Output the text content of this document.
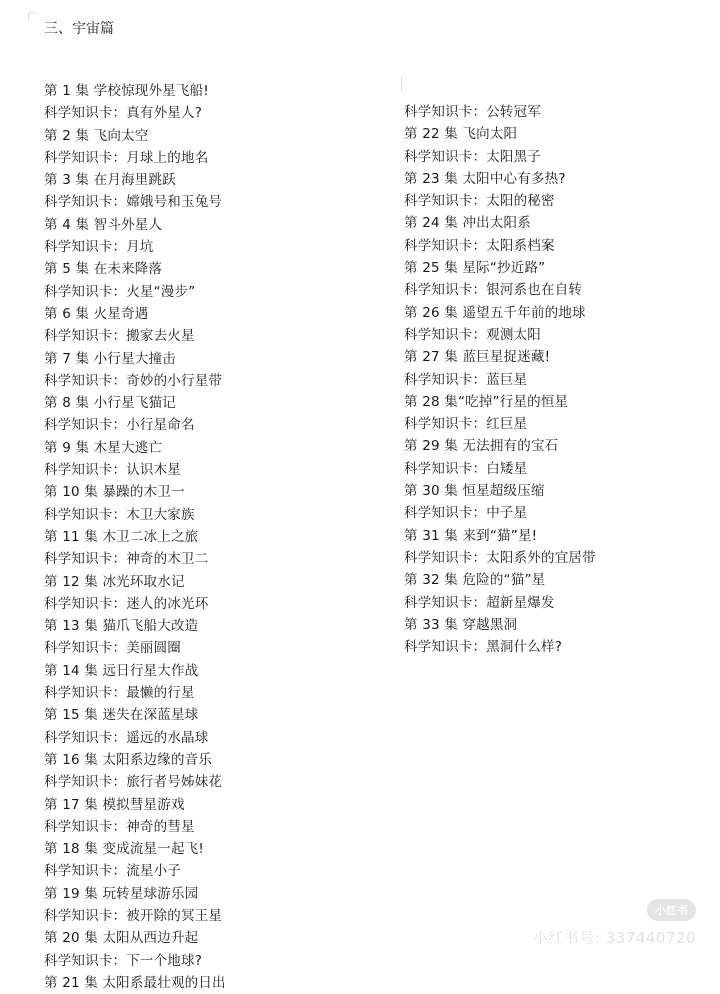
三、宇宙篇
第 1 集 学校惊现外星飞船!
科学知识卡：真有外星人?
第 2 集 飞向太空
科学知识卡：月球上的地名
第 3 集 在月海里跳跃
科学知识卡：嫦娥号和玉兔号
第 4 集 智斗外星人
科学知识卡：月坑
第 5 集 在未来降落
科学知识卡：火星“漫步”
第 6 集 火星奇遇
科学知识卡：搬家去火星
第 7 集 小行星大撞击
科学知识卡：奇妙的小行星带
第 8 集 小行星飞猫记
科学知识卡：小行星命名
第 9 集 木星大逃亡
科学知识卡：认识木星
第 10 集 暴躁的木卫一
科学知识卡：木卫大家族
第 11 集 木卫二冰上之旅
科学知识卡：神奇的木卫二
第 12 集 冰光环取水记
科学知识卡：迷人的冰光环
第 13 集 猫爪飞船大改造
科学知识卡：美丽圆圈
第 14 集 远日行星大作战
科学知识卡：最懒的行星
第 15 集 迷失在深蓝星球
科学知识卡：遥远的水晶球
第 16 集 太阳系边缘的音乐
科学知识卡：旅行者号姊妹花
第 17 集 模拟彗星游戏
科学知识卡：神奇的彗星
第 18 集 变成流星一起飞!
科学知识卡：流星小子
第 19 集 玩转星球游乐园
科学知识卡：被开除的冥王星
第 20 集 太阳从西边升起
科学知识卡：下一个地球?
第 21 集 太阳系最壮观的日出
科学知识卡：公转冠军
第 22 集 飞向太阳
科学知识卡：太阳黑子
第 23 集 太阳中心有多热?
科学知识卡：太阳的秘密
第 24 集 冲出太阳系
科学知识卡：太阳系档案
第 25 集 星际“抄近路”
科学知识卡：银河系也在自转
第 26 集 遥望五千年前的地球
科学知识卡：观测太阳
第 27 集 蓝巨星捉迷藏!
科学知识卡：蓝巨星
第 28 集“吃掉”行星的恒星
科学知识卡：红巨星
第 29 集 无法拥有的宝石
科学知识卡：白矮星
第 30 集 恒星超级压缩
科学知识卡：中子星
第 31 集 来到“猫”星!
科学知识卡：太阳系外的宜居带
第 32 集 危险的“猫”星
科学知识卡：超新星爆发
第 33 集 穿越黑洞
科学知识卡：黑洞什么样?
小红书
小红书号: 337440720
